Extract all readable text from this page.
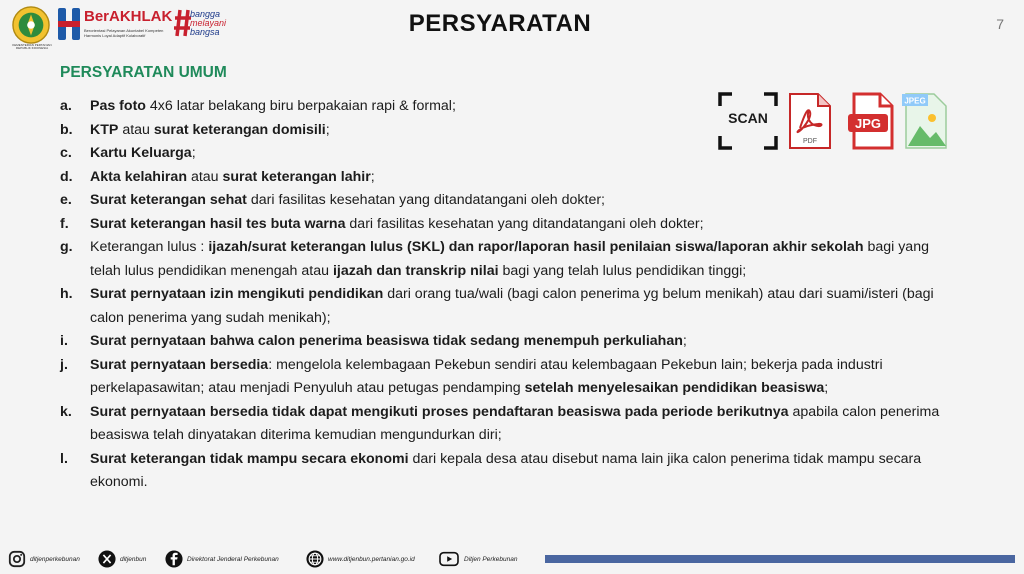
KEMENTERIAN PERTANIAN REPUBLIK INDONESIA
BerAKHLAK
Berorientasi Pelayanan Akuntabel Kompeten Harmonis Loyal Adaptif Kolaboratif
bangga
melayani
bangsa	PERSYARATAN	7
PERSYARATAN UMUM
SCAN
PDF
JPG
JPEG
a. Pas foto 4x6 latar belakang biru berpakaian rapi & formal;
b. KTP atau surat keterangan domisili;
c. Kartu Keluarga;
d. Akta kelahiran atau surat keterangan lahir;
e. Surat keterangan sehat dari fasilitas kesehatan yang ditandatangani oleh dokter;
f. Surat keterangan hasil tes buta warna dari fasilitas kesehatan yang ditandatangani oleh dokter;
g. Keterangan lulus : ijazah/surat keterangan lulus (SKL) dan rapor/laporan hasil penilaian siswa/laporan akhir sekolah bagi yang telah lulus pendidikan menengah atau ijazah dan transkrip nilai bagi yang telah lulus pendidikan tinggi;
h. Surat pernyataan izin mengikuti pendidikan dari orang tua/wali (bagi calon penerima yg belum menikah) atau dari suami/isteri (bagi calon penerima yang sudah menikah);
i. Surat pernyataan bahwa calon penerima beasiswa tidak sedang menempuh perkuliahan;
j. Surat pernyataan bersedia: mengelola kelembagaan Pekebun sendiri atau kelembagaan Pekebun lain; bekerja pada industri perkelapasawitan; atau menjadi Penyuluh atau petugas pendamping setelah menyelesaikan pendidikan beasiswa;
k. Surat pernyataan bersedia tidak dapat mengikuti proses pendaftaran beasiswa pada periode berikutnya apabila calon penerima beasiswa telah dinyatakan diterima kemudian mengundurkan diri;
l. Surat keterangan tidak mampu secara ekonomi dari kepala desa atau disebut nama lain jika calon penerima tidak mampu secara ekonomi.
ditjenperkebunan	ditjenbun	Direktorat Jenderal Perkebunan	www.ditjenbun.pertanian.go.id	Ditjen Perkebunan
